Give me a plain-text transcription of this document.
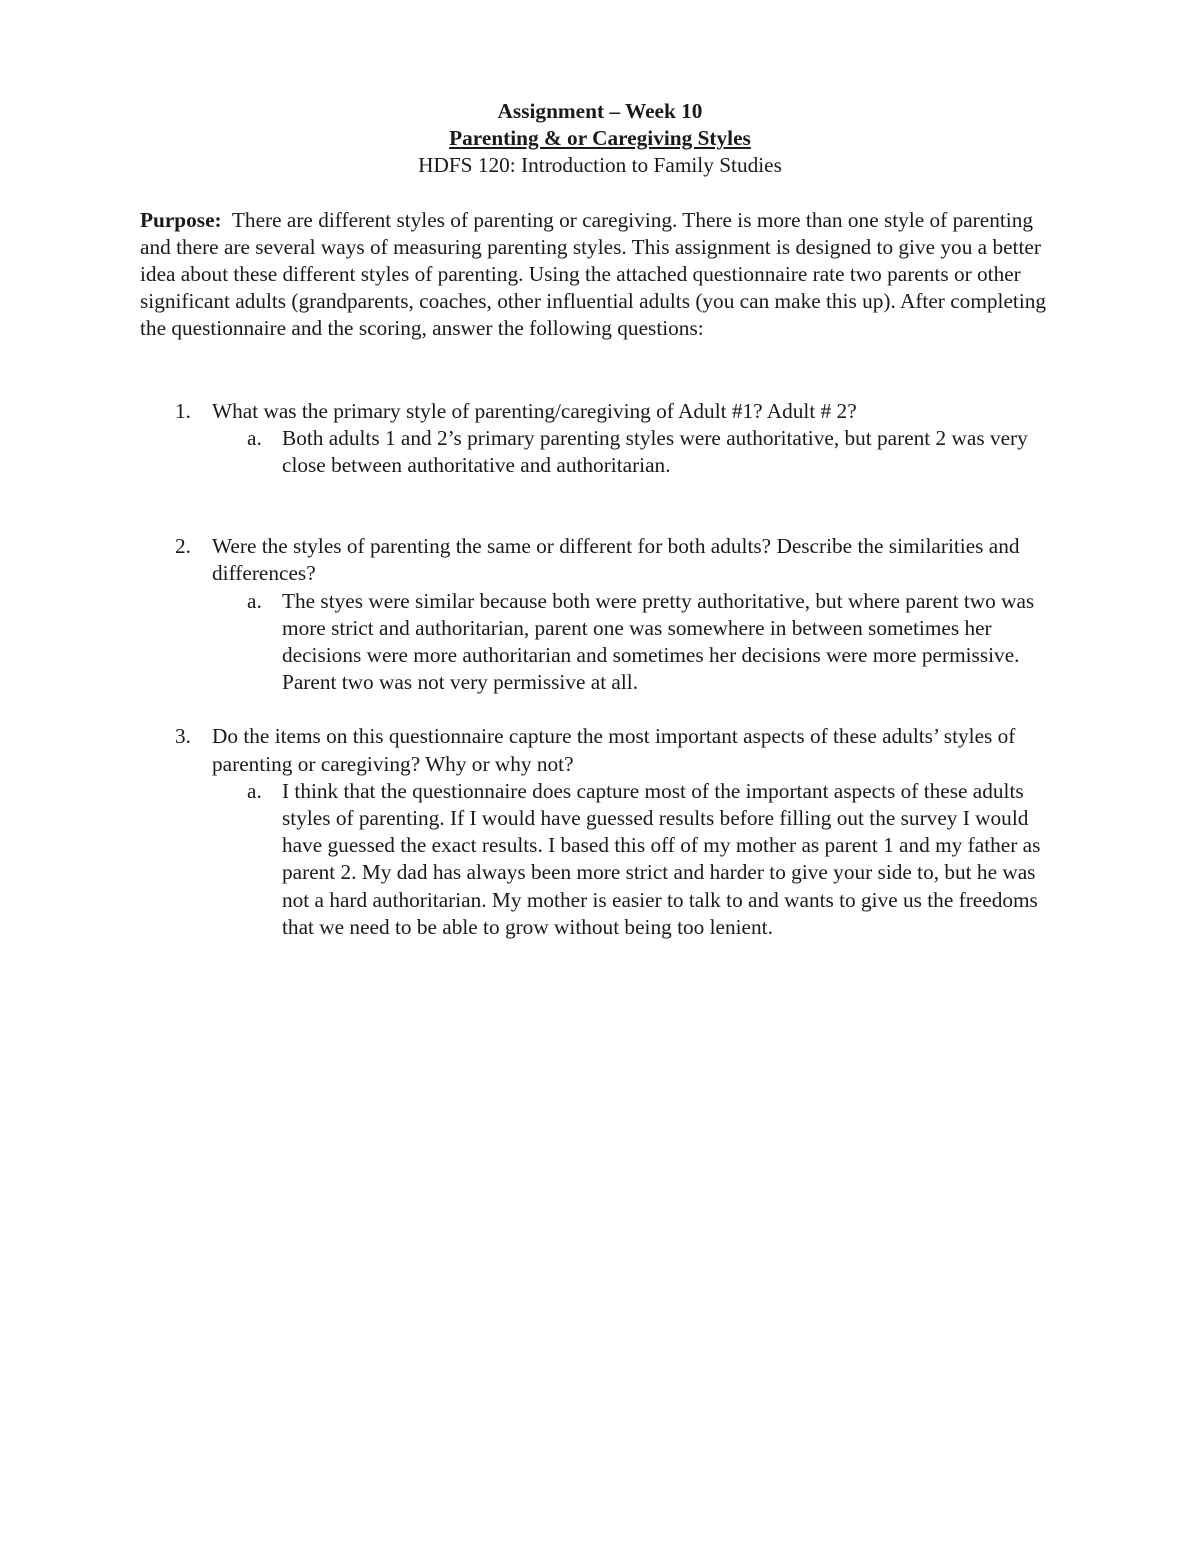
Assignment – Week 10
Parenting & or Caregiving Styles
HDFS 120: Introduction to Family Studies
Purpose: There are different styles of parenting or caregiving. There is more than one style of parenting and there are several ways of measuring parenting styles. This assignment is designed to give you a better idea about these different styles of parenting. Using the attached questionnaire rate two parents or other significant adults (grandparents, coaches, other influential adults (you can make this up). After completing the questionnaire and the scoring, answer the following questions:
1. What was the primary style of parenting/caregiving of Adult #1? Adult # 2?
a. Both adults 1 and 2’s primary parenting styles were authoritative, but parent 2 was very close between authoritative and authoritarian.
2. Were the styles of parenting the same or different for both adults? Describe the similarities and differences?
a. The styes were similar because both were pretty authoritative, but where parent two was more strict and authoritarian, parent one was somewhere in between sometimes her decisions were more authoritarian and sometimes her decisions were more permissive. Parent two was not very permissive at all.
3. Do the items on this questionnaire capture the most important aspects of these adults’ styles of parenting or caregiving? Why or why not?
a. I think that the questionnaire does capture most of the important aspects of these adults styles of parenting. If I would have guessed results before filling out the survey I would have guessed the exact results. I based this off of my mother as parent 1 and my father as parent 2. My dad has always been more strict and harder to give your side to, but he was not a hard authoritarian. My mother is easier to talk to and wants to give us the freedoms that we need to be able to grow without being too lenient.
